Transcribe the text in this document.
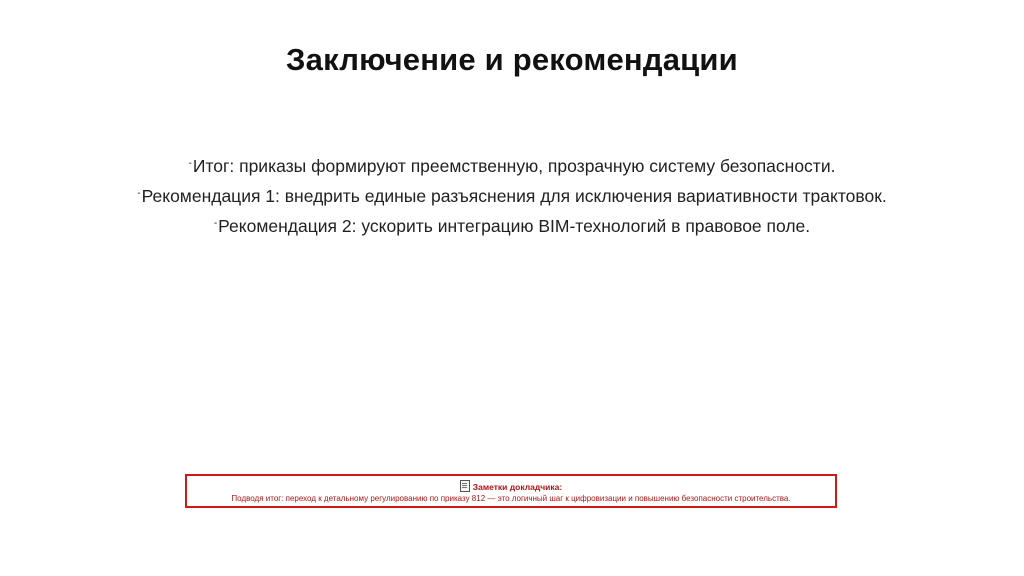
Заключение и рекомендации
-Итог: приказы формируют преемственную, прозрачную систему безопасности.
-Рекомендация 1: внедрить единые разъяснения для исключения вариативности трактовок.
-Рекомендация 2: ускорить интеграцию BIM-технологий в правовое поле.
Заметки докладчика:
Подводя итог: переход к детальному регулированию по приказу 812 — это логичный шаг к цифровизации и повышению безопасности строительства.
